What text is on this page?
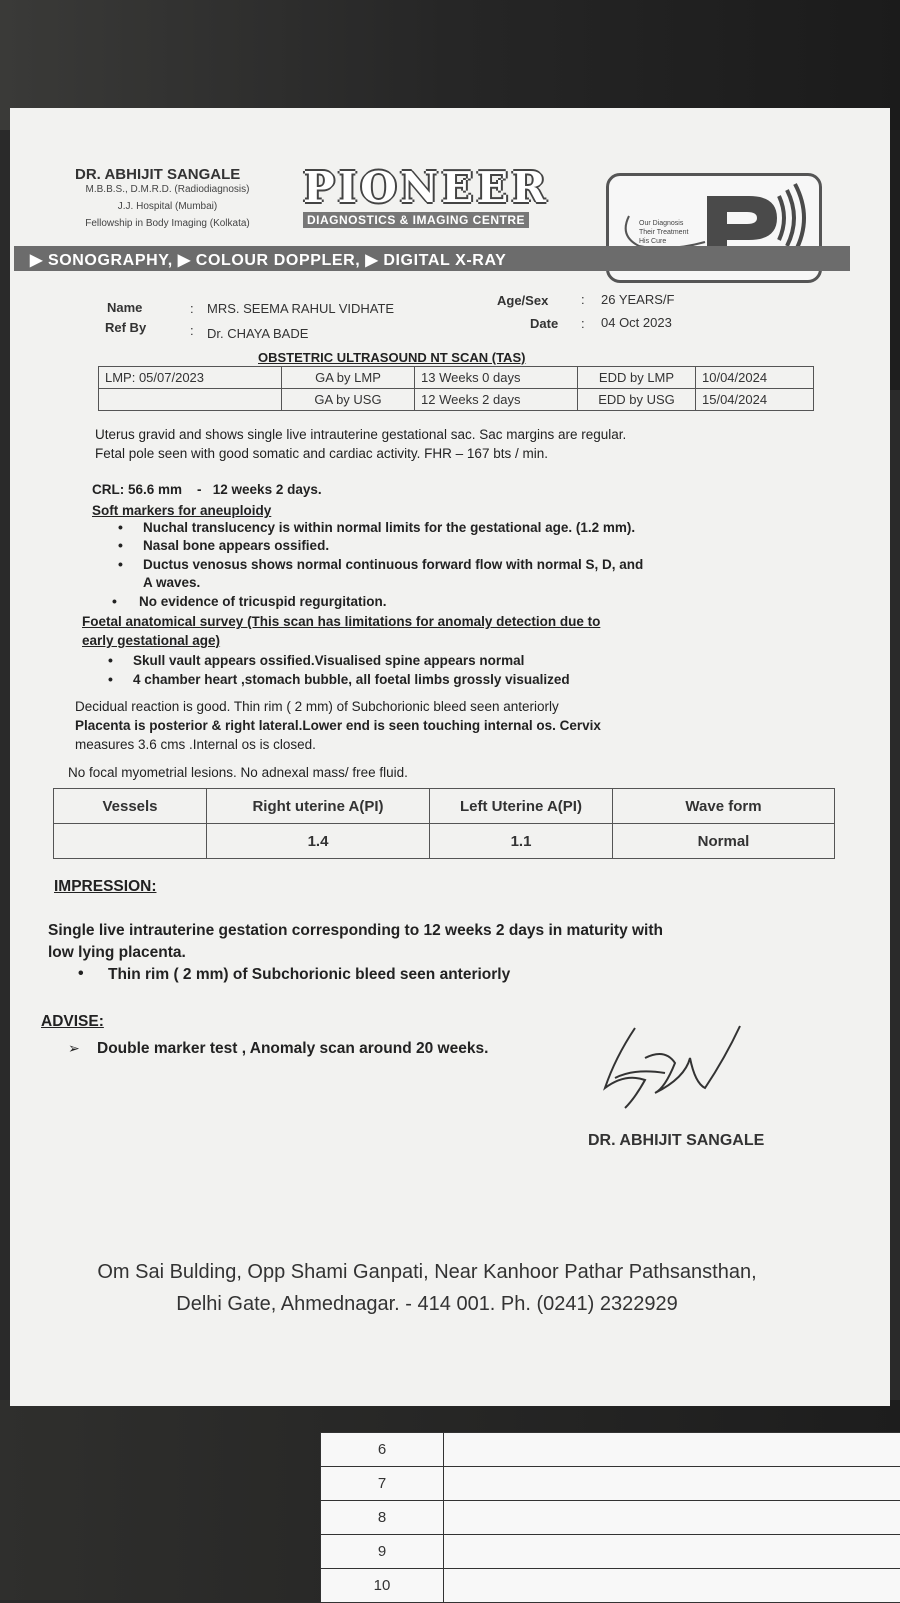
DR. ABHIJIT SANGALE
M.B.B.S., D.M.R.D. (Radiodiagnosis)
J.J. Hospital (Mumbai)
Fellowship in Body Imaging (Kolkata)
PIONEER
DIAGNOSTICS & IMAGING CENTRE	Our Diagnosis
Their Treatment
His Cure
▶ SONOGRAPHY, ▶ COLOUR DOPPLER, ▶ DIGITAL X-RAY
Name	: MRS. SEEMA RAHUL VIDHATE
Ref By	: Dr. CHAYA BADE
Age/Sex	: 26 YEARS/F
Date : 04 Oct 2023
OBSTETRIC ULTRASOUND NT SCAN (TAS)
LMP: 05/07/2023	GA by LMP	13 Weeks 0 days	EDD by LMP	10/04/2024
	GA by USG	12 Weeks 2 days	EDD by USG	15/04/2024
Uterus gravid and shows single live intrauterine gestational sac. Sac margins are regular.
Fetal pole seen with good somatic and cardiac activity. FHR – 167 bts / min.
CRL: 56.6 mm    -   12 weeks 2 days.
Soft markers for aneuploidy
• Nuchal translucency is within normal limits for the gestational age. (1.2 mm).
• Nasal bone appears ossified.
• Ductus venosus shows normal continuous forward flow with normal S, D, and
A waves.
• No evidence of tricuspid regurgitation.
Foetal anatomical survey (This scan has limitations for anomaly detection due to
early gestational age)
• Skull vault appears ossified.Visualised spine appears normal
• 4 chamber heart ,stomach bubble, all foetal limbs grossly visualized
Decidual reaction is good. Thin rim ( 2 mm) of Subchorionic bleed seen anteriorly
Placenta is posterior & right lateral.Lower end is seen touching internal os. Cervix
measures 3.6 cms .Internal os is closed.
No focal myometrial lesions. No adnexal mass/ free fluid.
Vessels	Right uterine A(PI)	Left Uterine A(PI)	Wave form
	1.4	1.1	Normal
IMPRESSION:
Single live intrauterine gestation corresponding to 12 weeks 2 days in maturity with
low lying placenta.
• Thin rim ( 2 mm) of Subchorionic bleed seen anteriorly
ADVISE:
➢ Double marker test , Anomaly scan around 20 weeks.
DR. ABHIJIT SANGALE
Om Sai Bulding, Opp Shami Ganpati, Near Kanhoor Pathar Pathsansthan,
Delhi Gate, Ahmednagar. - 414 001. Ph. (0241) 2322929
6	
7	
8	
9	
10	
